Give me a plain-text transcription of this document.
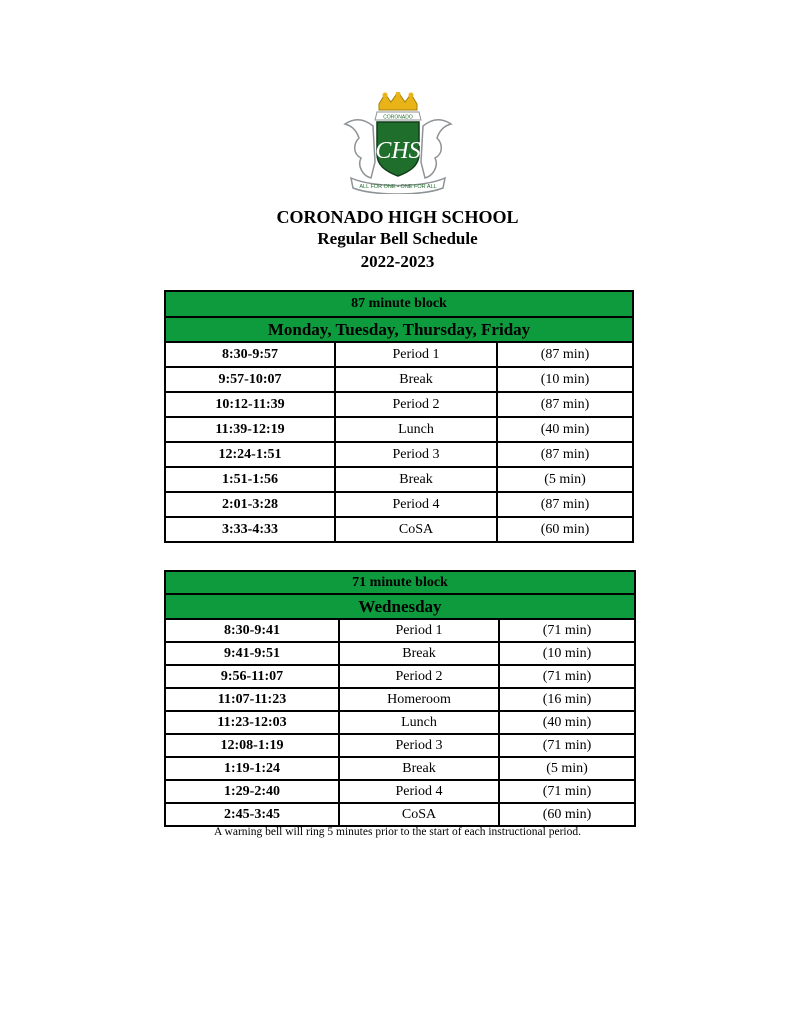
CORONADO
CHS
ALL FOR ONE • ONE FOR ALL
CORONADO HIGH SCHOOL
Regular Bell Schedule
2022-2023
87 minute block		
Monday, Tuesday, Thursday, Friday		
8:30-9:57	Period 1	(87 min)
9:57-10:07	Break	(10 min)
10:12-11:39	Period 2	(87 min)
11:39-12:19	Lunch	(40 min)
12:24-1:51	Period 3	(87 min)
1:51-1:56	Break	(5 min)
2:01-3:28	Period 4	(87 min)
3:33-4:33	CoSA	(60 min)
71 minute block		
Wednesday		
8:30-9:41	Period 1	(71 min)
9:41-9:51	Break	(10 min)
9:56-11:07	Period 2	(71 min)
11:07-11:23	Homeroom	(16 min)
11:23-12:03	Lunch	(40 min)
12:08-1:19	Period 3	(71 min)
1:19-1:24	Break	(5 min)
1:29-2:40	Period 4	(71 min)
2:45-3:45	CoSA	(60 min)
A warning bell will ring 5 minutes prior to the start of each instructional period.
